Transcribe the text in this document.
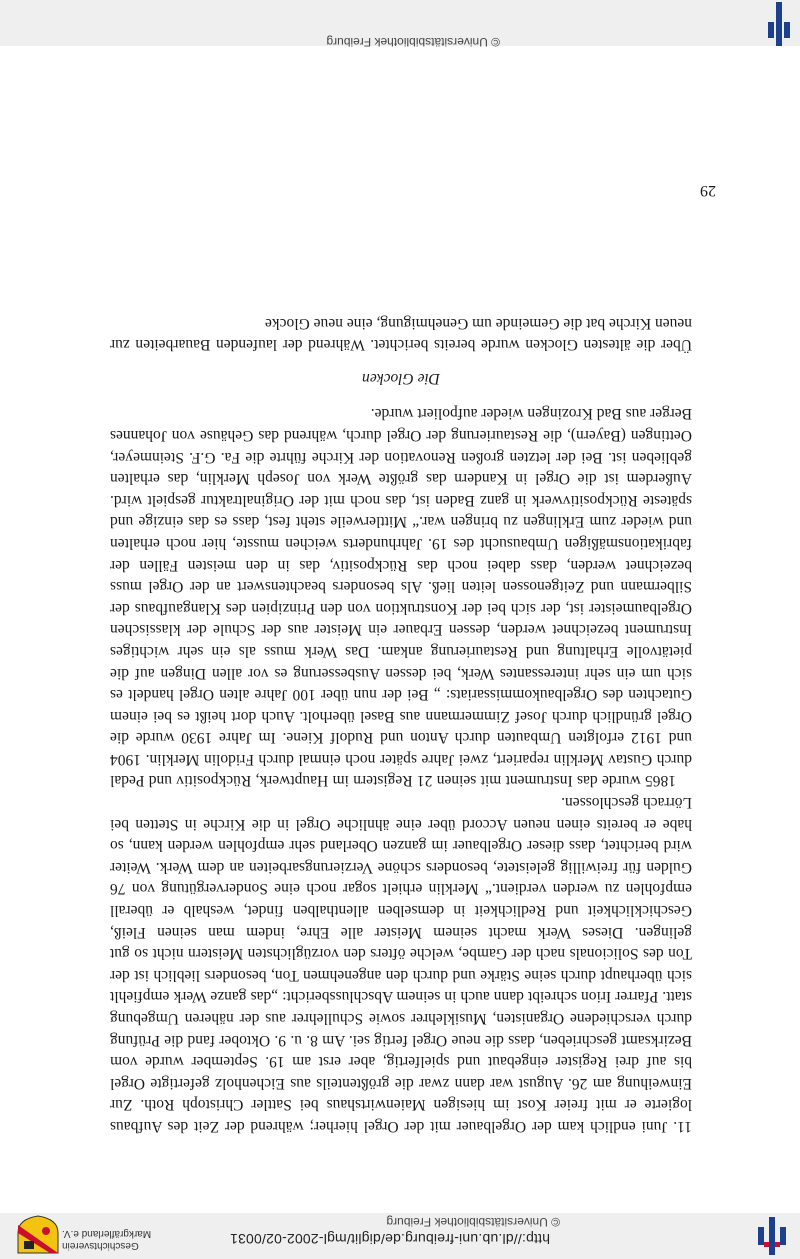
http://dl.ub.uni-freiburg.de/diglit/mgl-2002-02/0031
© Universitätsbibliothek Freiburg
Geschichtsverein
Markgräflerland e.V.

11. Juni endlich kam der Orgelbauer mit der Orgel hierher; während der Zeit des Aufbaus logierte er mit freier Kost im hiesigen Maienwirtshaus bei Sattler Christoph Roth. Zur Einweihung am 26. August war dann zwar die größtenteils aus Eichenholz gefertigte Orgel bis auf drei Register eingebaut und spielfertig, aber erst am 19. September wurde vom Bezirksamt geschrieben, dass die neue Orgel fertig sei. Am 8. u. 9. Oktober fand die Prüfung durch verschiedene Organisten, Musiklehrer sowie Schullehrer aus der näheren Umgebung statt. Pfarrer Irion schreibt dann auch in seinem Abschlussbericht: „das ganze Werk empfiehlt sich überhaupt durch seine Stärke und durch den angenehmen Ton, besonders lieblich ist der Ton des Solicionals nach der Gambe, welche öfters den vorzüglichsten Meistern nicht so gut gelingen. Dieses Werk macht seinem Meister alle Ehre, indem man seinen Fleiß, Geschicklichkeit und Redlichkeit in demselben allenthalben findet, weshalb er überall empfohlen zu werden verdient.“ Merklin erhielt sogar noch eine Sondervergütung von 76 Gulden für freiwillig geleistete, besonders schöne Verzierungsarbeiten an dem Werk. Weiter wird berichtet, dass dieser Orgelbauer im ganzen Oberland sehr empfohlen werden kann, so habe er bereits einen neuen Accord über eine ähnliche Orgel in die Kirche in Stetten bei Lörrach geschlossen.

1865 wurde das Instrument mit seinen 21 Registern im Hauptwerk, Rückpositiv und Pedal durch Gustav Merklin repariert, zwei Jahre später noch einmal durch Fridolin Merklin. 1904 und 1912 erfolgten Umbauten durch Anton und Rudolf Kiene. Im Jahre 1930 wurde die Orgel gründlich durch Josef Zimmermann aus Basel überholt. Auch dort heißt es bei einem Gutachten des Orgelbaukommissariats: „ Bei der nun über 100 Jahre alten Orgel handelt es sich um ein sehr interessantes Werk, bei dessen Ausbesserung es vor allen Dingen auf die pietätvolle Erhaltung und Restaurierung ankam. Das Werk muss als ein sehr wichtiges Instrument bezeichnet werden, dessen Erbauer ein Meister aus der Schule der klassischen Orgelbaumeister ist, der sich bei der Konstruktion von den Prinzipien des Klangaufbaus der Silbermann und Zeitgenossen leiten ließ. Als besonders beachtenswert an der Orgel muss bezeichnet werden, dass dabei noch das Rückpositiv, das in den meisten Fällen der fabrikationsmäßigen Umbausucht des 19. Jahrhunderts weichen musste, hier noch erhalten und wieder zum Erklingen zu bringen war.“ Mittlerweile steht fest, dass es das einzige und späteste Rückpositivwerk in ganz Baden ist, das noch mit der Originaltraktur gespielt wird. Außerdem ist die Orgel in Kandern das größte Werk von Joseph Merklin, das erhalten geblieben ist. Bei der letzten großen Renovation der Kirche führte die Fa. G.F. Steinmeyer, Oettingen (Bayern), die Restaurierung der Orgel durch, während das Gehäuse von Johannes Berger aus Bad Krozingen wieder aufpoliert wurde.

Die Glocken

Über die ältesten Glocken wurde bereits berichtet. Während der laufenden Bauarbeiten zur neuen Kirche bat die Gemeinde um Genehmigung, eine neue Glocke

29
© Universitätsbibliothek Freiburg
